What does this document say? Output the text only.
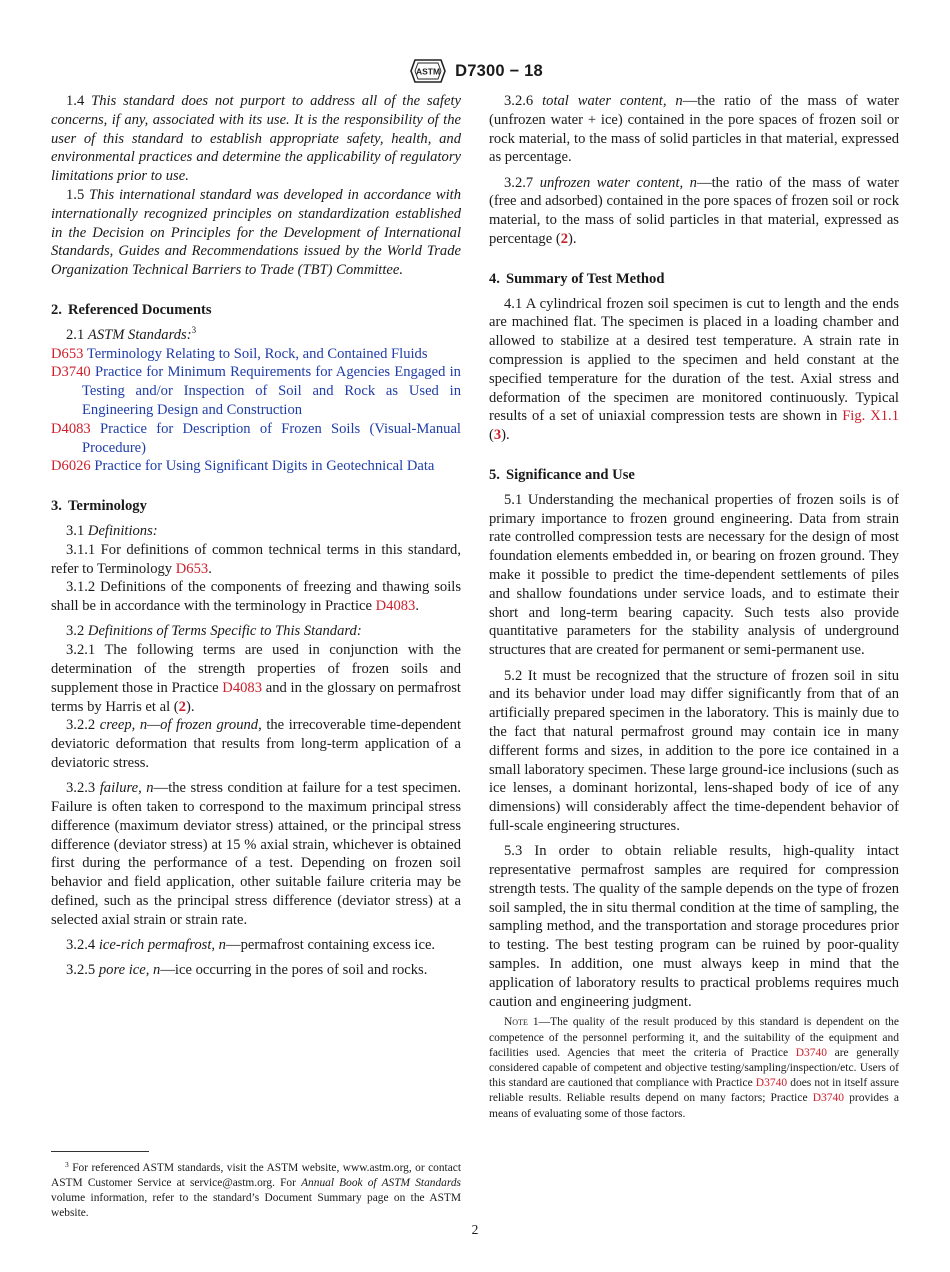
ASTM D7300 − 18

1.4 This standard does not purport to address all of the safety concerns, if any, associated with its use. It is the responsibility of the user of this standard to establish appropriate safety, health, and environmental practices and determine the applicability of regulatory limitations prior to use.

1.5 This international standard was developed in accordance with internationally recognized principles on standardization established in the Decision on Principles for the Development of International Standards, Guides and Recommendations issued by the World Trade Organization Technical Barriers to Trade (TBT) Committee.

2. Referenced Documents

2.1 ASTM Standards:$^3$

D653 Terminology Relating to Soil, Rock, and Contained Fluids
D3740 Practice for Minimum Requirements for Agencies Engaged in Testing and/or Inspection of Soil and Rock as Used in Engineering Design and Construction
D4083 Practice for Description of Frozen Soils (Visual-Manual Procedure)
D6026 Practice for Using Significant Digits in Geotechnical Data
3. Terminology

3.1 Definitions:

3.1.1 For definitions of common technical terms in this standard, refer to Terminology D653.

3.1.2 Definitions of the components of freezing and thawing soils shall be in accordance with the terminology in Practice D4083.

3.2 Definitions of Terms Specific to This Standard:

3.2.1 The following terms are used in conjunction with the determination of the strength properties of frozen soils and supplement those in Practice D4083 and in the glossary on permafrost terms by Harris et al (2).

3.2.2 creep, n—of frozen ground, the irrecoverable time-dependent deviatoric deformation that results from long-term application of a deviatoric stress.

3.2.3 failure, n—the stress condition at failure for a test specimen. Failure is often taken to correspond to the maximum principal stress difference (maximum deviator stress) attained, or the principal stress difference (deviator stress) at 15 % axial strain, whichever is obtained first during the performance of a test. Depending on frozen soil behavior and field application, other suitable failure criteria may be defined, such as the principal stress difference (deviator stress) at a selected axial strain or strain rate.

3.2.4 ice-rich permafrost, n—permafrost containing excess ice.

3.2.5 pore ice, n—ice occurring in the pores of soil and rocks.

3.2.6 total water content, n—the ratio of the mass of water (unfrozen water + ice) contained in the pore spaces of frozen soil or rock material, to the mass of solid particles in that material, expressed as percentage.

3.2.7 unfrozen water content, n—the ratio of the mass of water (free and adsorbed) contained in the pore spaces of frozen soil or rock material, to the mass of solid particles in that material, expressed as percentage (2).

4. Summary of Test Method

4.1 A cylindrical frozen soil specimen is cut to length and the ends are machined flat. The specimen is placed in a loading chamber and allowed to stabilize at a desired test temperature. A strain rate in compression is applied to the specimen and held constant at the specified temperature for the duration of the test. Axial stress and deformation of the specimen are monitored continuously. Typical results of a set of uniaxial compression tests are shown in Fig. X1.1 (3).

5. Significance and Use

5.1 Understanding the mechanical properties of frozen soils is of primary importance to frozen ground engineering. Data from strain rate controlled compression tests are necessary for the design of most foundation elements embedded in, or bearing on frozen ground. They make it possible to predict the time-dependent settlements of piles and shallow foundations under service loads, and to estimate their short and long-term bearing capacity. Such tests also provide quantitative parameters for the stability analysis of underground structures that are created for permanent or semi-permanent use.

5.2 It must be recognized that the structure of frozen soil in situ and its behavior under load may differ significantly from that of an artificially prepared specimen in the laboratory. This is mainly due to the fact that natural permafrost ground may contain ice in many different forms and sizes, in addition to the pore ice contained in a small laboratory specimen. These large ground-ice inclusions (such as ice lenses, a dominant horizontal, lens-shaped body of ice of any dimensions) will considerably affect the time-dependent behavior of full-scale engineering structures.

5.3 In order to obtain reliable results, high-quality intact representative permafrost samples are required for compression strength tests. The quality of the sample depends on the type of frozen soil sampled, the in situ thermal condition at the time of sampling, the sampling method, and the transportation and storage procedures prior to testing. The best testing program can be ruined by poor-quality samples. In addition, one must always keep in mind that the application of laboratory results to practical problems requires much caution and engineering judgment.

Note 1—The quality of the result produced by this standard is dependent on the competence of the personnel performing it, and the suitability of the equipment and facilities used. Agencies that meet the criteria of Practice D3740 are generally considered capable of competent and objective testing/sampling/inspection/etc. Users of this standard are cautioned that compliance with Practice D3740 does not in itself assure reliable results. Reliable results depend on many factors; Practice D3740 provides a means of evaluating some of those factors.
$^3$ For referenced ASTM standards, visit the ASTM website, www.astm.org, or contact ASTM Customer Service at service@astm.org. For Annual Book of ASTM Standards volume information, refer to the standard’s Document Summary page on the ASTM website.
2
